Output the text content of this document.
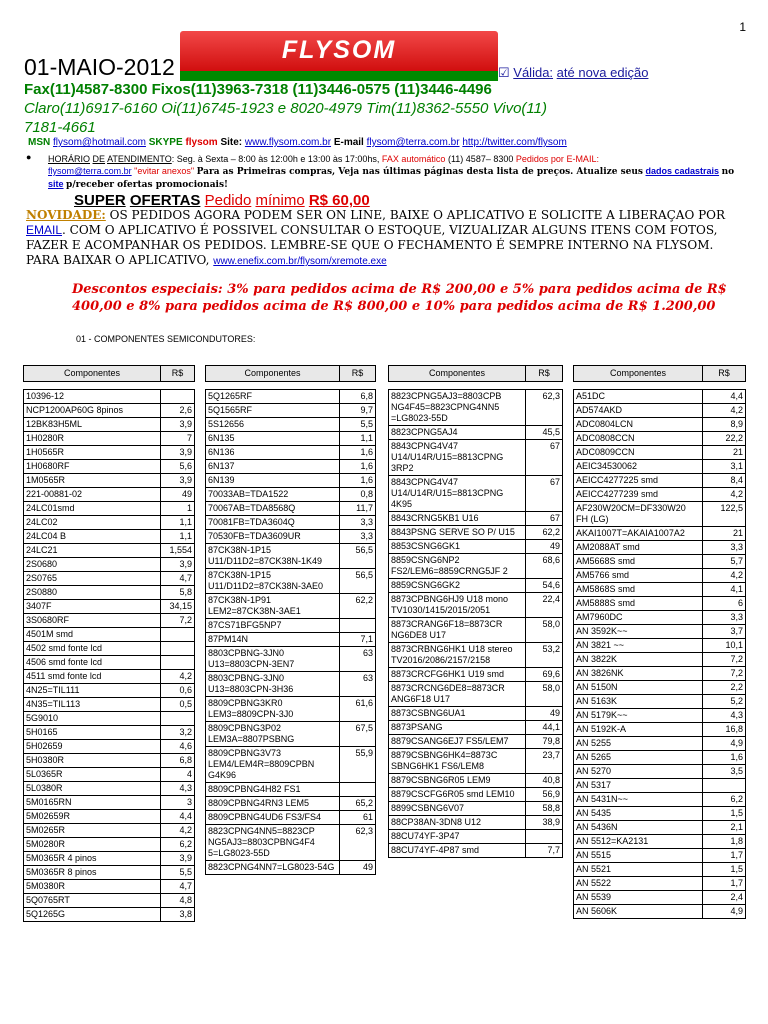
1
01-MAIO-2012
FLYSOM
☑ Válida: até nova edição
Fax(11)4587-8300 Fixos(11)3963-7318 (11)3446-0575 (11)3446-4496
Claro(11)6917-6160 Oi(11)6745-1923 e 8020-4979 Tim(11)8362-5550 Vivo(11)
7181-4661
MSN flysom@hotmail.com SKYPE flysom Site: www.flysom.com.br E-mail flysom@terra.com.br http://twitter.com/flysom
● HORÁRIO DE ATENDIMENTO: Seg. à Sexta – 8:00 às 12:00h e 13:00 às 17:00hs, FAX automático (11) 4587– 8300 Pedidos por E-MAIL:
flysom@terra.com.br "evitar anexos" Para as Primeiras compras, Veja nas últimas páginas desta lista de preços. Atualize seus dados cadastrais no site p/receber ofertas promocionais!
SUPER OFERTAS Pedido mínimo R$ 60,00
NOVIDADE: OS PEDIDOS AGORA PODEM SER ON LINE, BAIXE O APLICATIVO E SOLICITE A LIBERAÇAO POR EMAIL. COM O APLICATIVO É POSSIVEL CONSULTAR O ESTOQUE, VIZUALIZAR ALGUNS ITENS COM FOTOS, FAZER E ACOMPANHAR OS PEDIDOS. LEMBRE-SE QUE O FECHAMENTO É SEMPRE INTERNO NA FLYSOM. PARA BAIXAR O APLICATIVO, www.enefix.com.br/flysom/xremote.exe
Descontos especiais: 3% para pedidos acima de R$ 200,00 e 5% para pedidos acima de R$ 400,00 e 8% para pedidos acima de R$ 800,00 e 10% para pedidos acima de R$ 1.200,00
01 - COMPONENTES SEMICONDUTORES:
Componentes	R$

10396-12	
NCP1200AP60G 8pinos	2,6
12BK83H5ML	3,9
1H0280R	7
1H0565R	3,9
1H0680RF	5,6
1M0565R	3,9
221-00881-02	49
24LC01smd	1
24LC02	1,1
24LC04 B	1,1
24LC21	1,554
2S0680	3,9
2S0765	4,7
2S0880	5,8
3407F	34,15
3S0680RF	7,2
4501M smd	
4502 smd fonte lcd	
4506 smd fonte lcd	
4511 smd fonte lcd	4,2
4N25=TIL111	0,6
4N35=TIL113	0,5
5G9010	
5H0165	3,2
5H02659	4,6
5H0380R	6,8
5L0365R	4
5L0380R	4,3
5M0165RN	3
5M02659R	4,4
5M0265R	4,2
5M0280R	6,2
5M0365R 4 pinos	3,9
5M0365R 8 pinos	5,5
5M0380R	4,7
5Q0765RT	4,8
5Q1265G	3,8
Componentes	R$

5Q1265RF	6,8
5Q1565RF	9,7
5S12656	5,5
6N135	1,1
6N136	1,6
6N137	1,6
6N139	1,6
70033AB=TDA1522	0,8
70067AB=TDA8568Q	11,7
70081FB=TDA3604Q	3,3
70530FB=TDA3609UR	3,3
87CK38N-1P15 U11/D11D2=87CK38N-1K49	56,5
87CK38N-1P15 U11/D11D2=87CK38N-3AE0	56,5
87CK38N-1P91 LEM2=87CK38N-3AE1	62,2
87CS71BFG5NP7	
87PM14N	7,1
8803CPBNG-3JN0 U13=8803CPN-3EN7	63
8803CPBNG-3JN0 U13=8803CPN-3H36	63
8809CPBNG3KR0 LEM3=8809CPN-3J0	61,6
8809CPBNG3P02 LEM3A=8807PSBNG	67,5
8809CPBNG3V73 LEM4/LEM4R=8809CPBN G4K96	55,9
8809CPBNG4H82 FS1	
8809CPBNG4RN3 LEM5	65,2
8809CPBNG4UD6 FS3/FS4	61
8823CPNG4NN5=8823CP NG5AJ3=8803CPBNG4F4 5=LG8023-55D	62,3
8823CPNG4NN7=LG8023-54G	49
Componentes	R$

8823CPNG5AJ3=8803CPB NG4F45=8823CPNG4NN5 =LG8023-55D	62,3
8823CPNG5AJ4	45,5
8843CPNG4V47 U14/U14R/U15=8813CPNG 3RP2	67
8843CPNG4V47 U14/U14R/U15=8813CPNG 4K95	67
8843CRNG5KB1 U16	67
8843PSNG SERVE SO P/ U15	62,2
8853CSNG6GK1	49
8859CSNG6NP2 FS2/LEM6=8859CRNG5JF 2	68,6
8859CSNG6GK2	54,6
8873CPBNG6HJ9 U18 mono TV1030/1415/2015/2051	22,4
8873CRANG6F18=8873CR NG6DE8 U17	58,0
8873CRBNG6HK1 U18 stereo TV2016/2086/2157/2158	53,2
8873CRCFG6HK1 U19 smd	69,6
8873CRCNG6DE8=8873CR ANG6F18 U17	58,0
8873CSBNG6UA1	49
8873PSANG	44,1
8879CSANG6EJ7 FS5/LEM7	79,8
8879CSBNG6HK4=8873C SBNG6HK1 FS6/LEM8	23,7
8879CSBNG6R05 LEM9	40,8
8879CSCFG6R05 smd LEM10	56,9
8899CSBNG6V07	58,8
88CP38AN-3DN8 U12	38,9
88CU74YF-3P47	
88CU74YF-4P87 smd	7,7
Componentes	R$

A51DC	4,4
AD574AKD	4,2
ADC0804LCN	8,9
ADC0808CCN	22,2
ADC0809CCN	21
AEIC34530062	3,1
AEICC4277225 smd	8,4
AEICC4277239 smd	4,2
AF230W20CM=DF330W20 FH (LG)	122,5
AKAI1007T=AKAIA1007A2	21
AM2088AT smd	3,3
AM5668S smd	5,7
AM5766 smd	4,2
AM5868S smd	4,1
AM5888S smd	6
AM7960DC	3,3
AN 3592K~~	3,7
AN 3821 ~~	10,1
AN 3822K	7,2
AN 3826NK	7,2
AN 5150N	2,2
AN 5163K	5,2
AN 5179K~~	4,3
AN 5192K-A	16,8
AN 5255	4,9
AN 5265	1,6
AN 5270	3,5
AN 5317	
AN 5431N~~	6,2
AN 5435	1,5
AN 5436N	2,1
AN 5512=KA2131	1,8
AN 5515	1,7
AN 5521	1,5
AN 5522	1,7
AN 5539	2,4
AN 5606K	4,9
